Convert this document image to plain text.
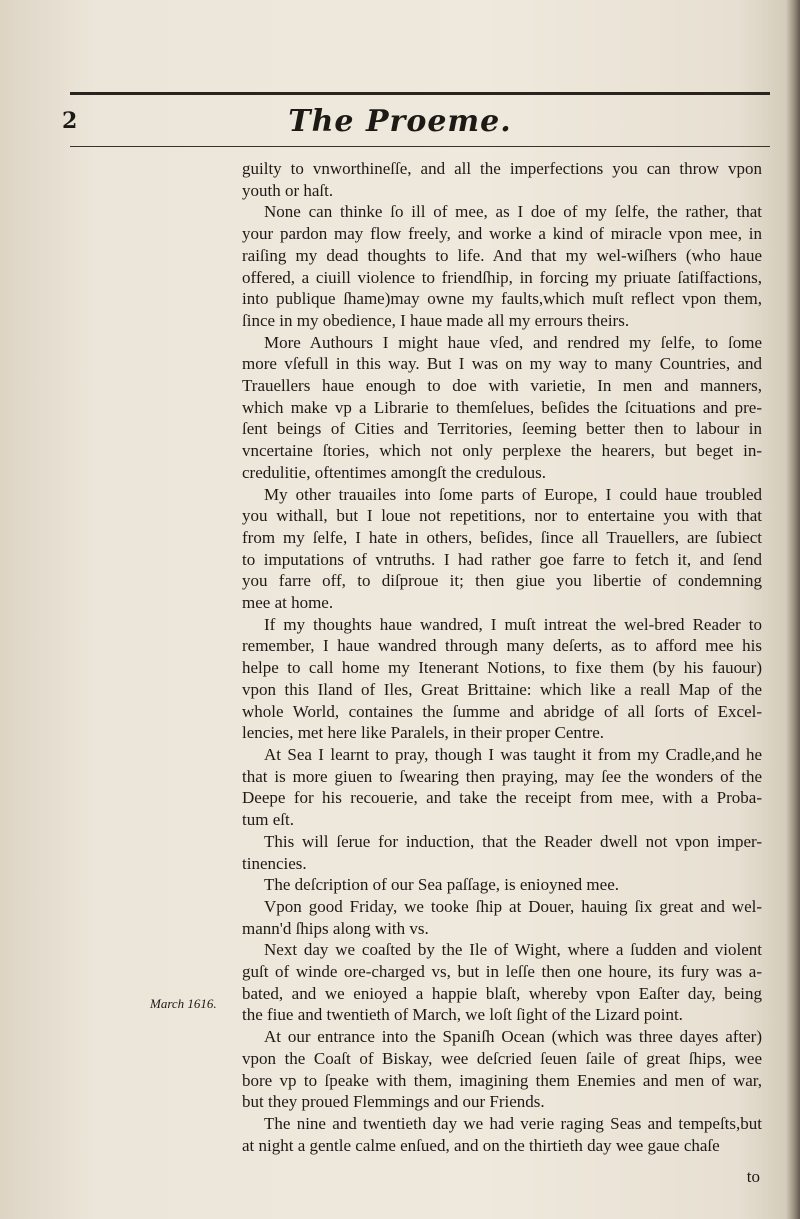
2	The Proeme.
March 1616.
guilty to vnworthineſſe, and all the imperfections you can throw vpon
youth or haſt.
None can thinke ſo ill of mee, as I doe of my ſelfe, the rather, that
your pardon may flow freely, and worke a kind of miracle vpon mee, in
raiſing my dead thoughts to life. And that my wel-wiſhers (who haue
offered, a ciuill violence to friendſhip, in forcing my priuate ſatiſfactions,
into publique ſhame)may owne my faults,which muſt reflect vpon them,
ſince in my obedience, I haue made all my errours theirs.
More Authours I might haue vſed, and rendred my ſelfe, to ſome
more vſefull in this way. But I was on my way to many Countries, and
Trauellers haue enough to doe with varietie, In men and manners,
which make vp a Librarie to themſelues, beſides the ſcituations and pre-
ſent beings of Cities and Territories, ſeeming better then to labour in
vncertaine ſtories, which not only perplexe the hearers, but beget in-
credulitie, oftentimes amongſt the credulous.
My other trauailes into ſome parts of Europe, I could haue troubled
you withall, but I loue not repetitions, nor to entertaine you with that
from my ſelfe, I hate in others, beſides, ſince all Trauellers, are ſubiect
to imputations of vntruths. I had rather goe farre to fetch it, and ſend
you farre off, to diſproue it; then giue you libertie of condemning
mee at home.
If my thoughts haue wandred, I muſt intreat the wel-bred Reader to
remember, I haue wandred through many deſerts, as to afford mee his
helpe to call home my Itenerant Notions, to fixe them (by his fauour)
vpon this Iland of Iles, Great Brittaine: which like a reall Map of the
whole World, containes the ſumme and abridge of all ſorts of Excel-
lencies, met here like Paralels, in their proper Centre.
At Sea I learnt to pray, though I was taught it from my Cradle,and he
that is more giuen to ſwearing then praying, may ſee the wonders of the
Deepe for his recouerie, and take the receipt from mee, with a Proba-
tum eſt.
This will ſerue for induction, that the Reader dwell not vpon imper-
tinencies.
The deſcription of our Sea paſſage, is enioyned mee.
Vpon good Friday, we tooke ſhip at Douer, hauing ſix great and wel-
mann'd ſhips along with vs.
Next day we coaſted by the Ile of Wight, where a ſudden and violent
guſt of winde ore-charged vs, but in leſſe then one houre, its fury was a-
bated, and we enioyed a happie blaſt, whereby vpon Eaſter day, being
the fiue and twentieth of March, we loſt ſight of the Lizard point.
At our entrance into the Spaniſh Ocean (which was three dayes after)
vpon the Coaſt of Biskay, wee deſcried ſeuen ſaile of great ſhips, wee
bore vp to ſpeake with them, imagining them Enemies and men of war,
but they proued Flemmings and our Friends.
The nine and twentieth day we had verie raging Seas and tempeſts,but
at night a gentle calme enſued, and on the thirtieth day wee gaue chaſe
to
